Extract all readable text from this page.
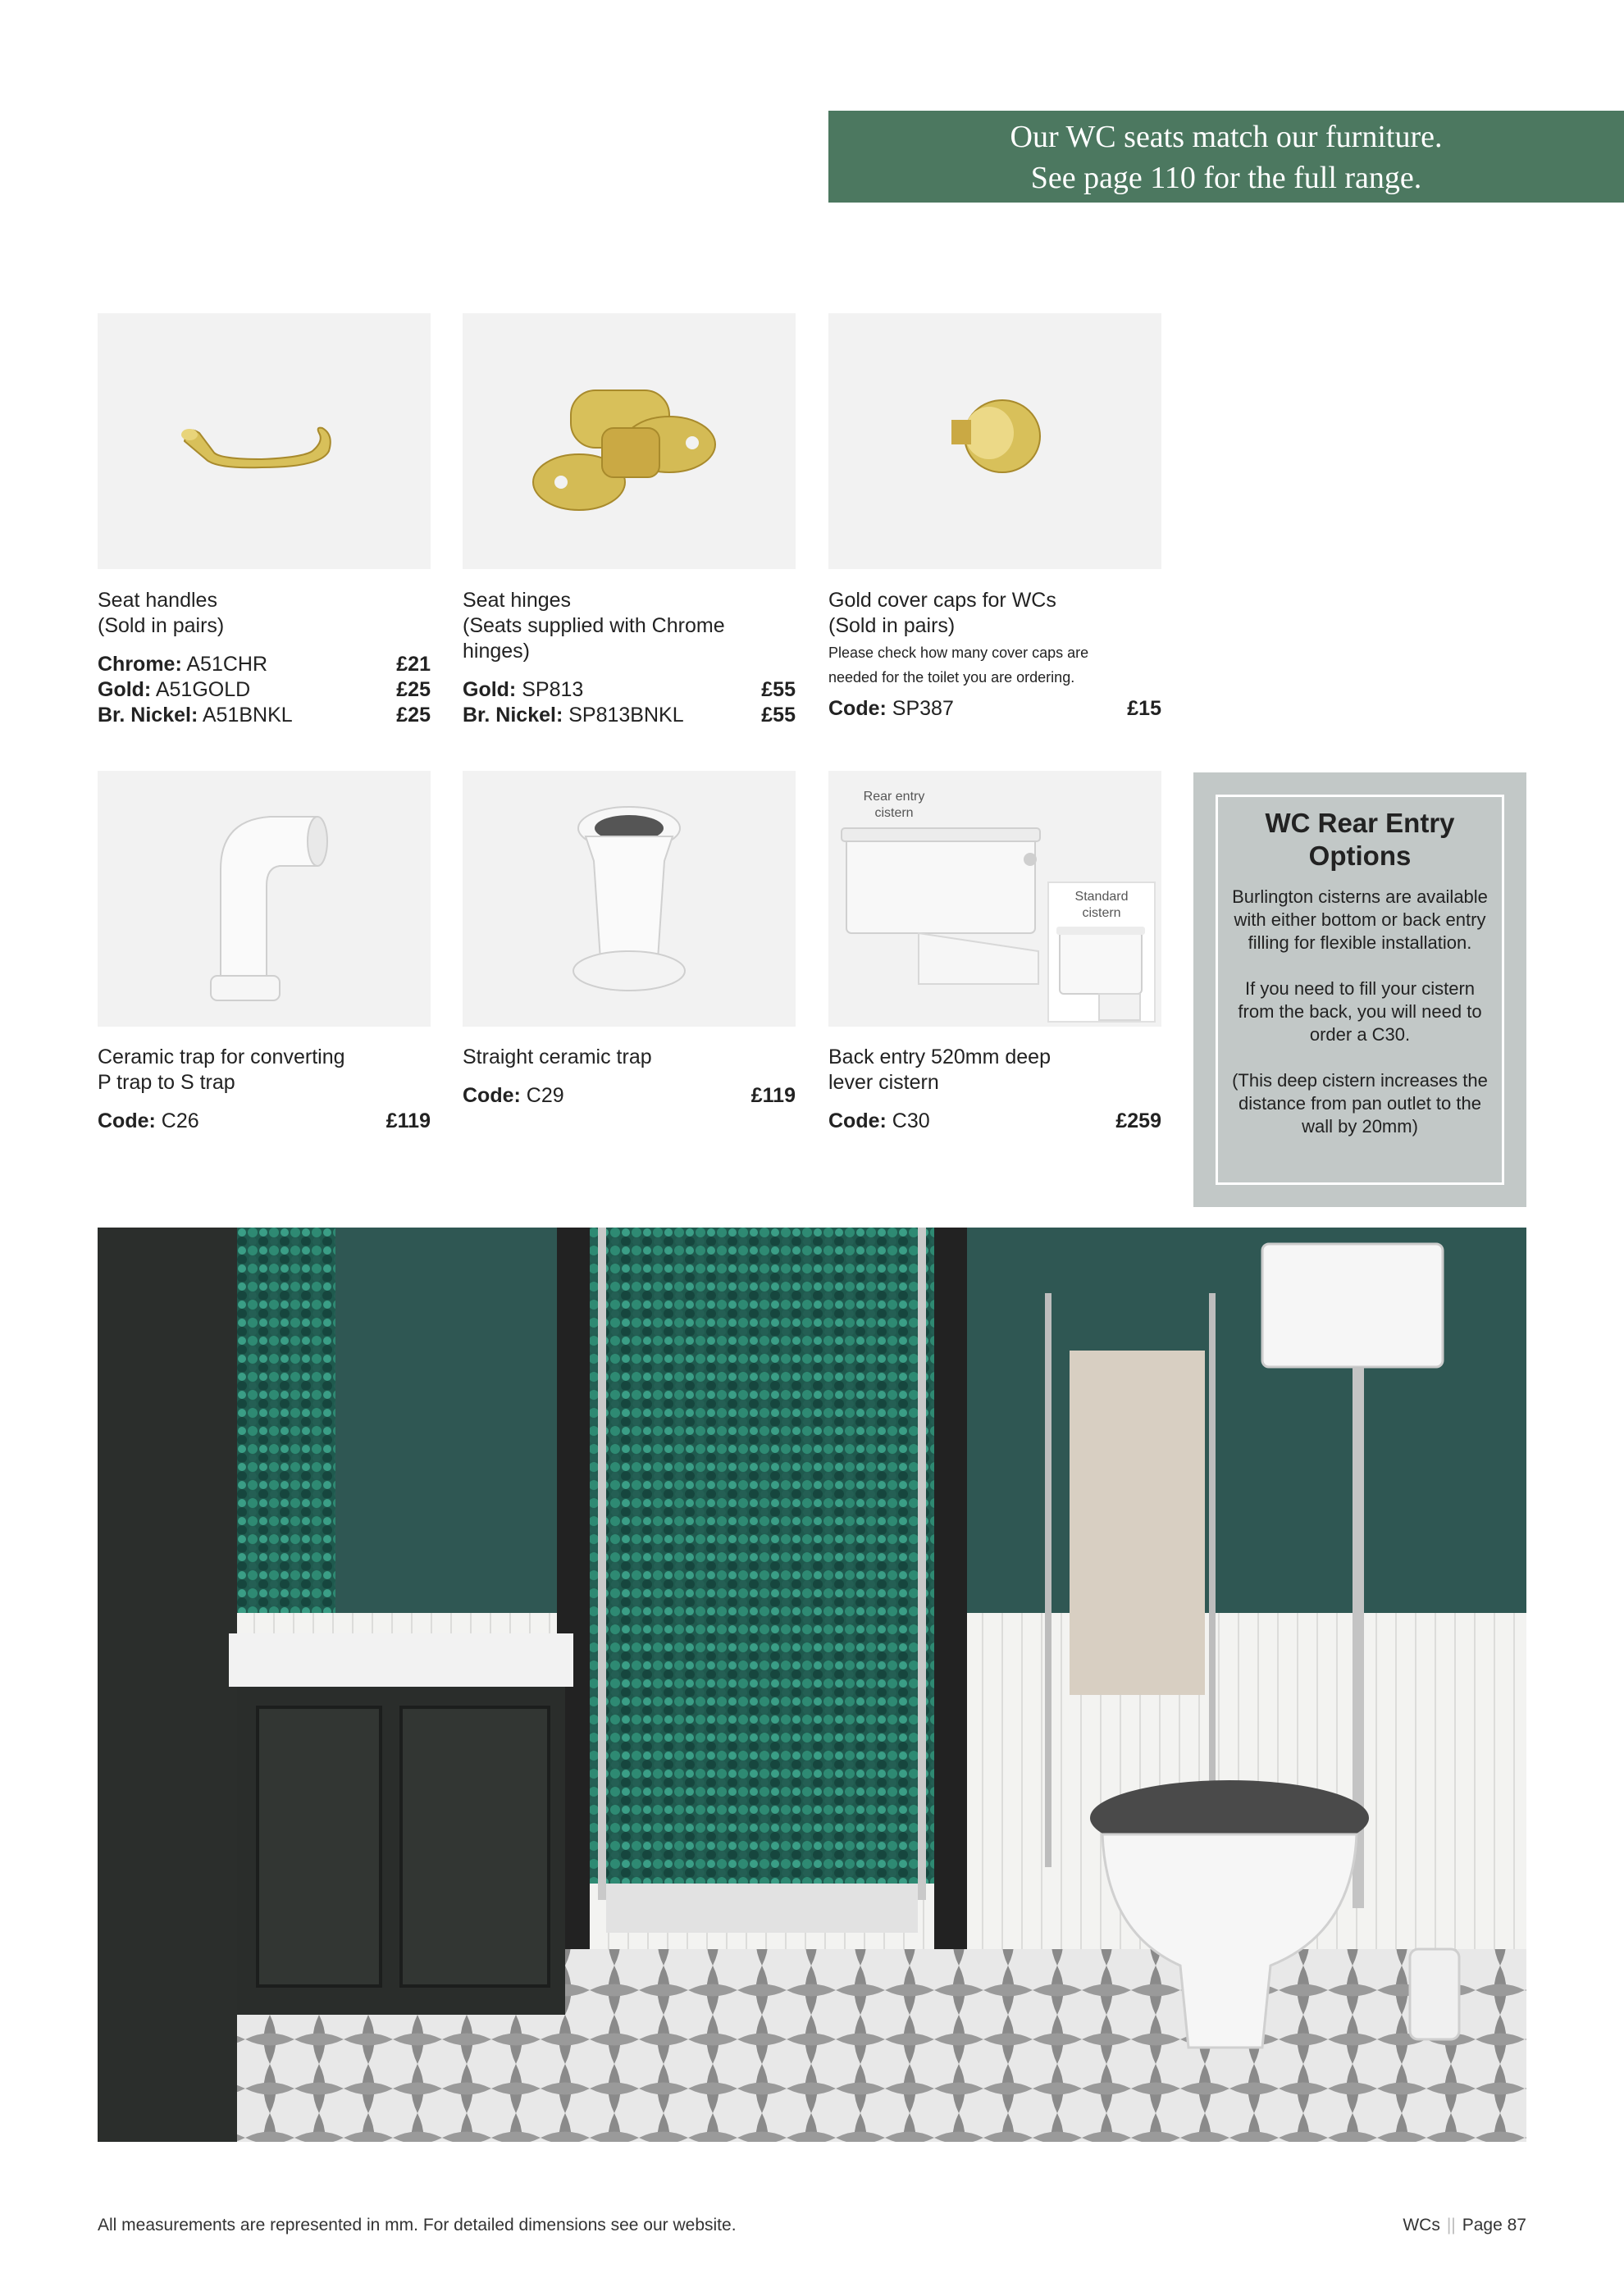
Our WC seats match our furniture.
See page 110 for the full range.
Seat handles
(Sold in pairs)
Chrome: A51CHR	£21
Gold: A51GOLD	£25
Br. Nickel: A51BNKL	£25
Seat hinges
(Seats supplied with Chrome hinges)
Gold: SP813	£55
Br. Nickel: SP813BNKL	£55
Gold cover caps for WCs
(Sold in pairs)
Please check how many cover caps are
needed for the toilet you are ordering.
Code: SP387	£15
Rear entry
cistern
Standard
cistern
Ceramic trap for converting
P trap to S trap
Code: C26	£119
Straight ceramic trap
Code: C29	£119
Back entry 520mm deep
lever cistern
Code: C30	£259
WC Rear Entry
Options

Burlington cisterns are available with either bottom or back entry filling for flexible installation.

If you need to fill your cistern from the back, you will need to order a C30.

(This deep cistern increases the distance from pan outlet to the wall by 20mm)

All measurements are represented in mm. For detailed dimensions see our website.	WCs || Page 87
